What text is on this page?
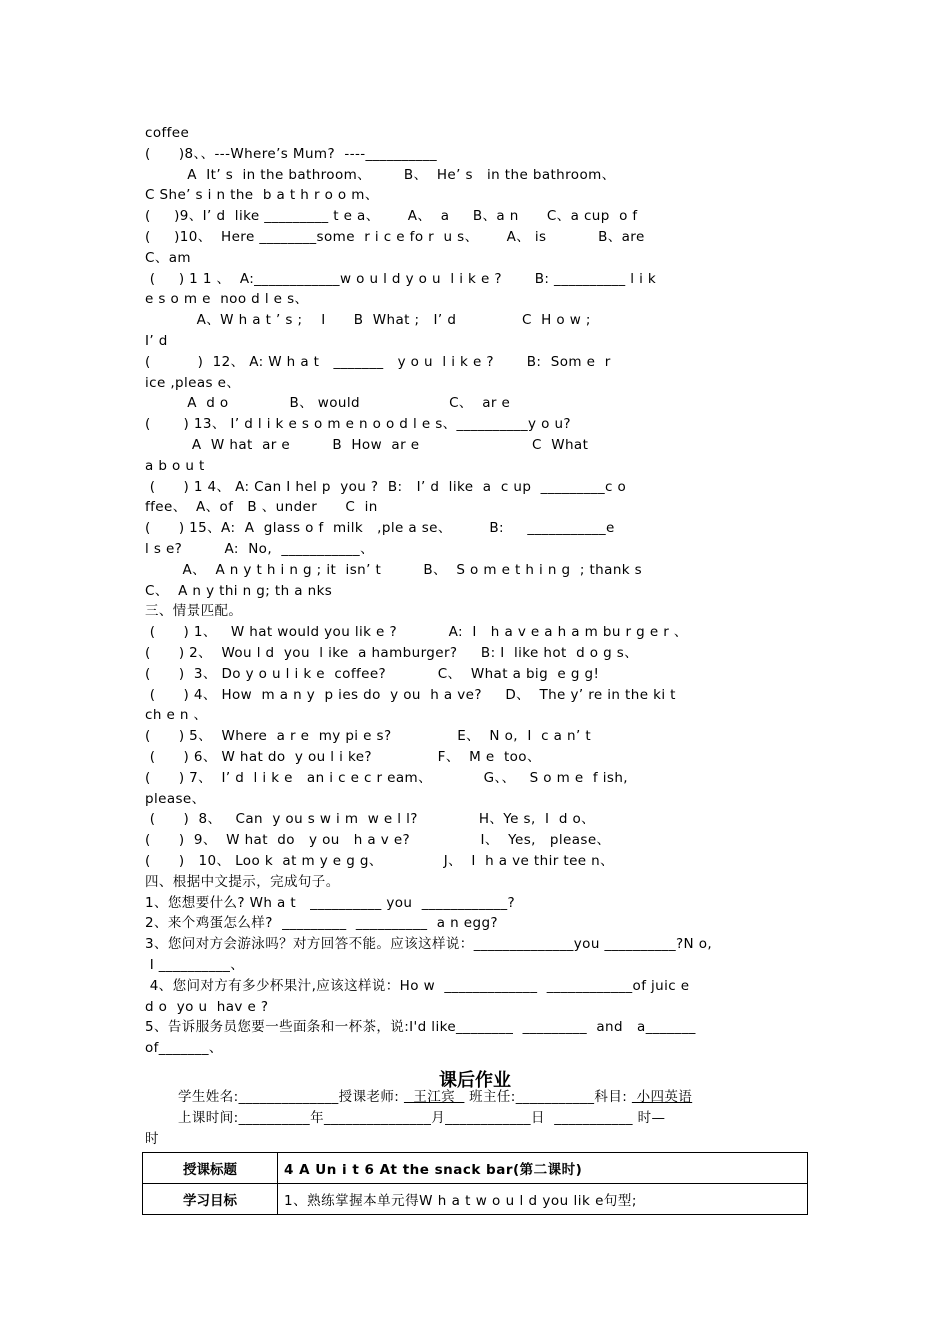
coffee
(      )8、、---Where’s Mum?  ----__________
A  It’ s  in the bathroom、       B、  He’ s   in the bathroom、
C She’ s i n the  b a t h r o o m、
(     )9、I’ d  like _________ t e a、      A、  a     B、a n      C、a cup  o f
(     )10、  Here ________some  r i c e fo r  u s、      A、 is           B、are
C、am
(     ) 1 1 、  A:____________w o u l d y o u  l i k e ?       B: __________ l i k
e s o m e  noo d l e s、
A、W h a t ’ s ;    I      B  What ;   I’ d              C  H o w ;
I’ d
(          )  12、 A: W h a t   _______   y o u  l i k e ?       B:  Som e  r
ice ,pleas e、
A  d o             B、 would                   C、  ar e
(       ) 13、 I’ d l i k e s o m e n o o d l e s、__________y o u?
A  W hat  ar e         B  How  ar e                        C  What
a b o u t
(      ) 1 4、 A: Can I hel p  you ?  B:   I’ d  like  a  c up  _________c o
ffee、  A、of   B 、under      C  in
(      ) 15、A:  A  glass o f  milk   ,ple a se、        B:     ___________e
l s e?         A:  No,  ___________、
A、  A n y t h i n g ; it  isn’ t         B、  S o m e t h i n g  ; thank s
C、  A n y thi n g; th a nks
三、情景匹配。
(      ) 1、   W hat would you lik e ?           A:  I   h a v e a h a m bu r g e r 、
(      ) 2、  Wou l d  you  l ike  a hamburger?     B: I  like hot  d o g s、
(      )  3、 Do y o u l i k e  coffee?           C、  What a big  e g g!
(      ) 4、 How  m a n y  p ies do  y ou  h a ve?     D、  The y’ re in the ki t
ch e n 、
(      ) 5、  Where  a r e  my pi e s?              E、  N o,  I  c a n’ t
(      ) 6、 W hat do  y ou l i ke?              F、  M e  too、
(      ) 7、  I’ d  l i k e   an i c e c r eam、           G、、   S o m e  f ish,
please、
(      )  8、   Can  y ou s w i m  w e l l?             H、Ye s,  I  d o、
(      )  9、  W hat  do   y ou   h a v e?               I、  Yes,   please、
(      )   10、 Loo k  at m y e g g、             J、  I  h a ve thir tee n、
四、根据中文提示，完成句子。
1、您想要什么? Wh a t   __________ you  ____________?
2、来个鸡蛋怎么样?  _________  __________  a n egg?
3、您问对方会游泳吗？对方回答不能。应该这样说：______________you __________?N o,
I __________、
4、您问对方有多少杯果汁,应该这样说：Ho w  _____________  ____________of juic e
d o  yo u  hav e ?
5、告诉服务员您要一些面条和一杯茶，说:I'd like________  _________  and   a_______
of_______、
课后作业
学生姓名:______________授课老师:   王江宾   班主任:___________科目:  小四英语
上课时间:__________年_______________月____________日 ___________ 时—
时
授课标题	4 A Un i t 6 At the snack bar(第二课时)
学习目标	1、熟练掌握本单元得W h a t w o u l d you lik e句型;
